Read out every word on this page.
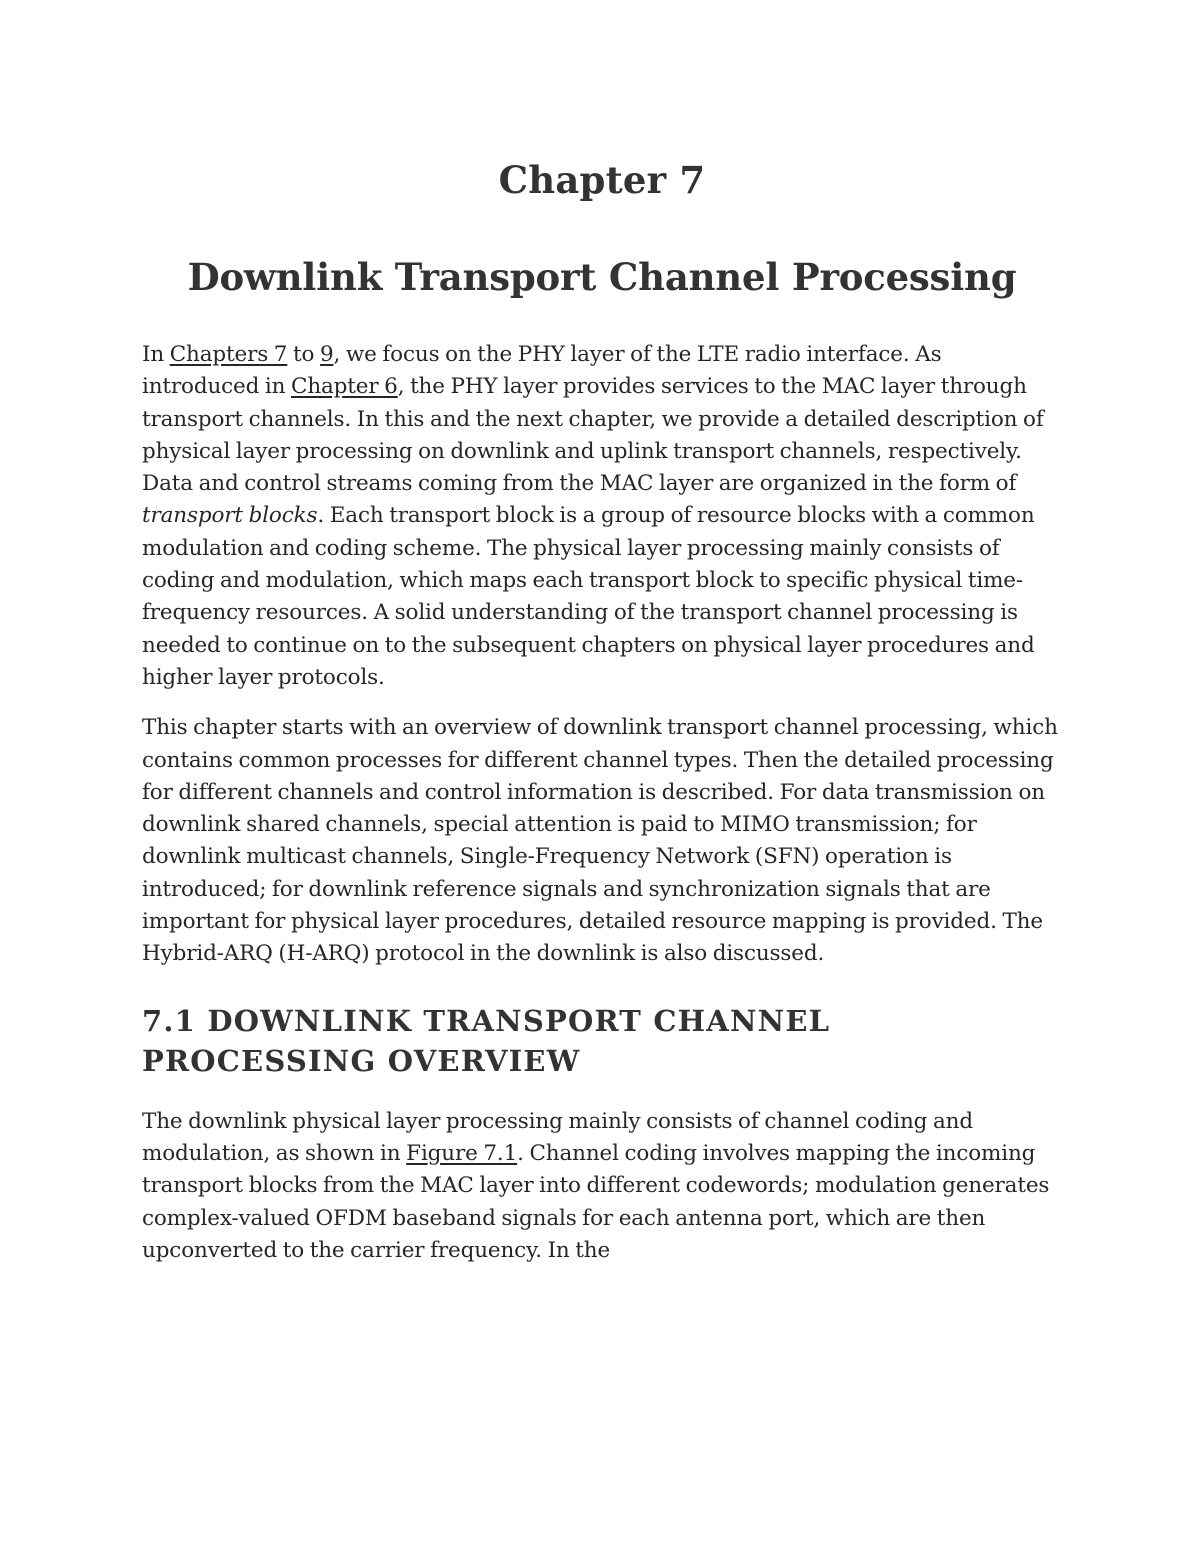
Chapter 7
Downlink Transport Channel Processing

In Chapters 7 to 9, we focus on the PHY layer of the LTE radio interface. As introduced in Chapter 6, the PHY layer provides services to the MAC layer through transport channels. In this and the next chapter, we provide a detailed description of physical layer processing on downlink and uplink transport channels, respectively. Data and control streams coming from the MAC layer are organized in the form of transport blocks. Each transport block is a group of resource blocks with a common modulation and coding scheme. The physical layer processing mainly consists of coding and modulation, which maps each transport block to specific physical time-frequency resources. A solid understanding of the transport channel processing is needed to continue on to the subsequent chapters on physical layer procedures and higher layer protocols.

This chapter starts with an overview of downlink transport channel processing, which contains common processes for different channel types. Then the detailed processing for different channels and control information is described. For data transmission on downlink shared channels, special attention is paid to MIMO transmission; for downlink multicast channels, Single-Frequency Network (SFN) operation is introduced; for downlink reference signals and synchronization signals that are important for physical layer procedures, detailed resource mapping is provided. The Hybrid-ARQ (H-ARQ) protocol in the downlink is also discussed.

7.1 DOWNLINK TRANSPORT CHANNEL PROCESSING OVERVIEW

The downlink physical layer processing mainly consists of channel coding and modulation, as shown in Figure 7.1. Channel coding involves mapping the incoming transport blocks from the MAC layer into different codewords; modulation generates complex-valued OFDM baseband signals for each antenna port, which are then upconverted to the carrier frequency. In the
